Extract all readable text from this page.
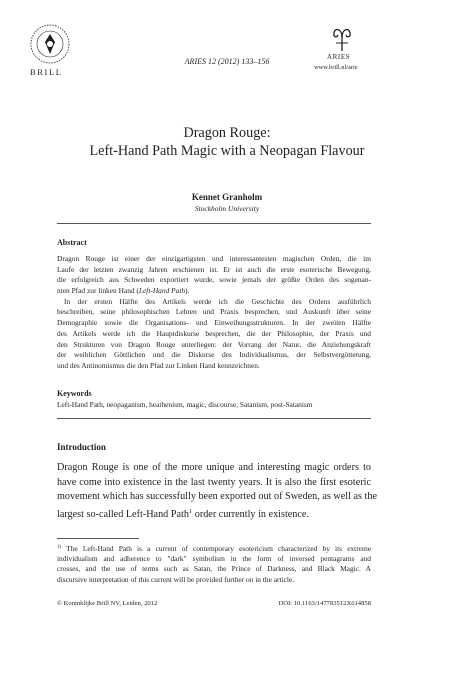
BRILL
ARIES 12 (2012) 133–156	ARIES
www.brill.nl/arie
Dragon Rouge:
Left-Hand Path Magic with a Neopagan Flavour
Kennet Granholm
Stockholm University
Abstract
Dragon Rouge ist einer der einzigartigsten und interessantesten magischen Orden, die im
Laufe der letzten zwanzig Jahren erschienen ist. Er ist auch die erste esoterische Bewegung,
die erfolgreich aus Schweden exportiert wurde, sowie jemals der größte Orden des sogenan-
nten Pfad zur linken Hand (Left-Hand Path).
In der ersten Hälfte des Artikels werde ich die Geschichte des Ordens ausführlich
beschreiben, seine philosophischen Lehren und Praxis besprechen, und Auskunft über seine
Demographie sowie die Organisations- und Einweihungsstrukturen. In der zweiten Hälfte
des Artikels werde ich die Hauptdiskurse besprechen, die der Philosophie, der Praxis und
den Strukturen von Dragon Rouge unterliegen: der Vorrang der Natur, die Anziehungskraft
der weiblichen Göttlichen und die Diskurse des Individualismus, der Selbstvergötterung,
und des Antinomismus die den Pfad zur Linken Hand kennzeichnen.
Keywords
Left-Hand Path, neopaganism, heathenism, magic, discourse, Satanism, post-Satanism
Introduction
Dragon Rouge is one of the more unique and interesting magic orders to
have come into existence in the last twenty years. It is also the first esoteric
movement which has successfully been exported out of Sweden, as well as the
largest so-called Left-Hand Path$^1$ order currently in existence.
$^{1)}$ The Left-Hand Path is a current of contemporary esotericism characterized by its extreme
individualism and adherence to "dark" symbolism in the form of inversed pentagrams and
crosses, and the use of terms such as Satan, the Prince of Darkness, and Black Magic. A
discursive interpretation of this current will be provided further on in the article.
© Koninklijke Brill NV, Leiden, 2012	DOI: 10.1163/147783512X614858
